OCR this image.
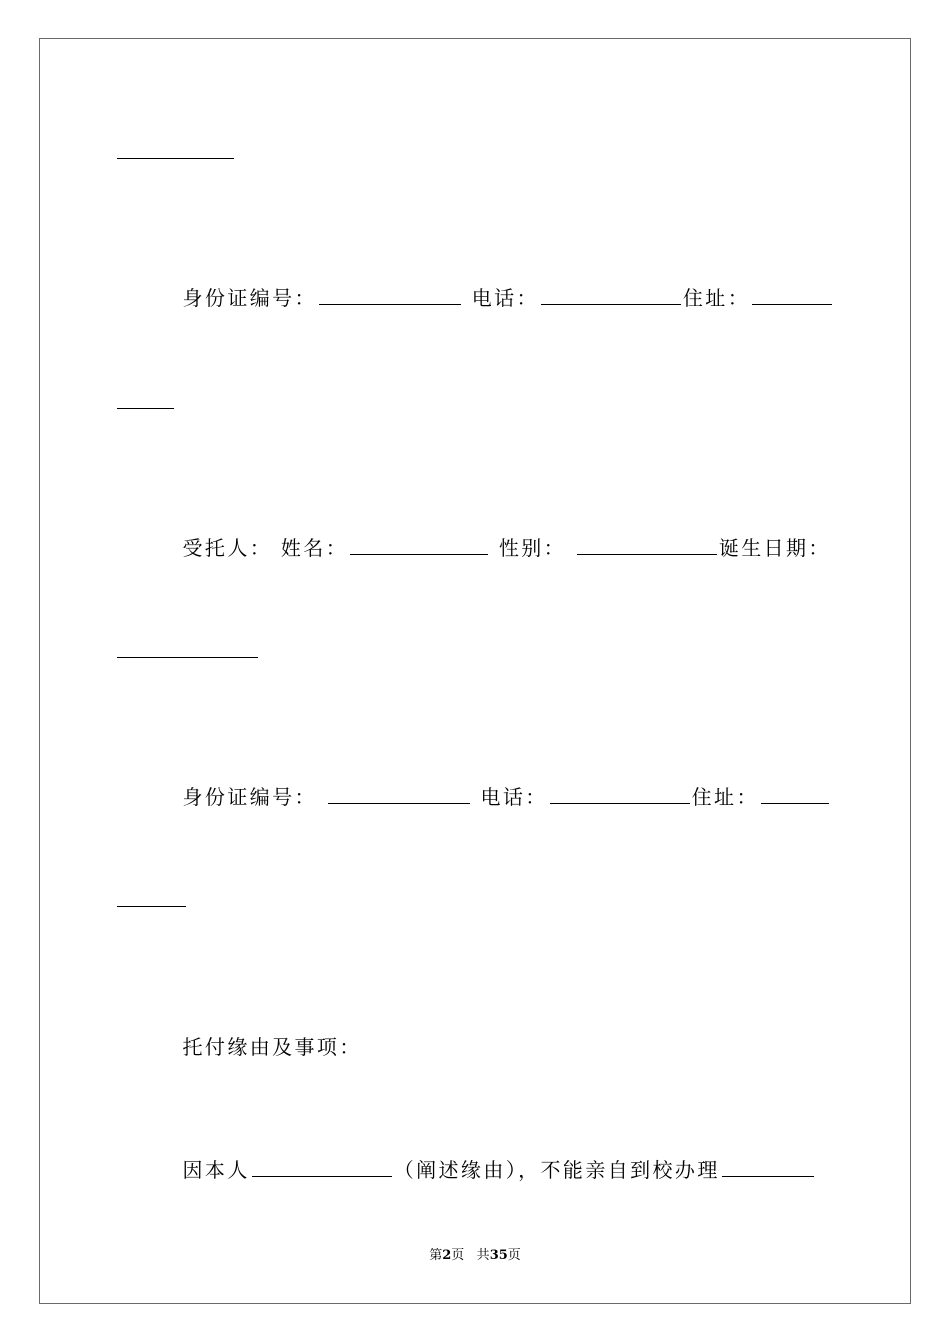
身份证编号：	电话：	住址：

受托人： 姓名：	性别：	诞生日期：

身份证编号：	电话：	住址：

托付缘由及事项：

因本人	（阐述缘由），不能亲自到校办理

第2页 共35页
